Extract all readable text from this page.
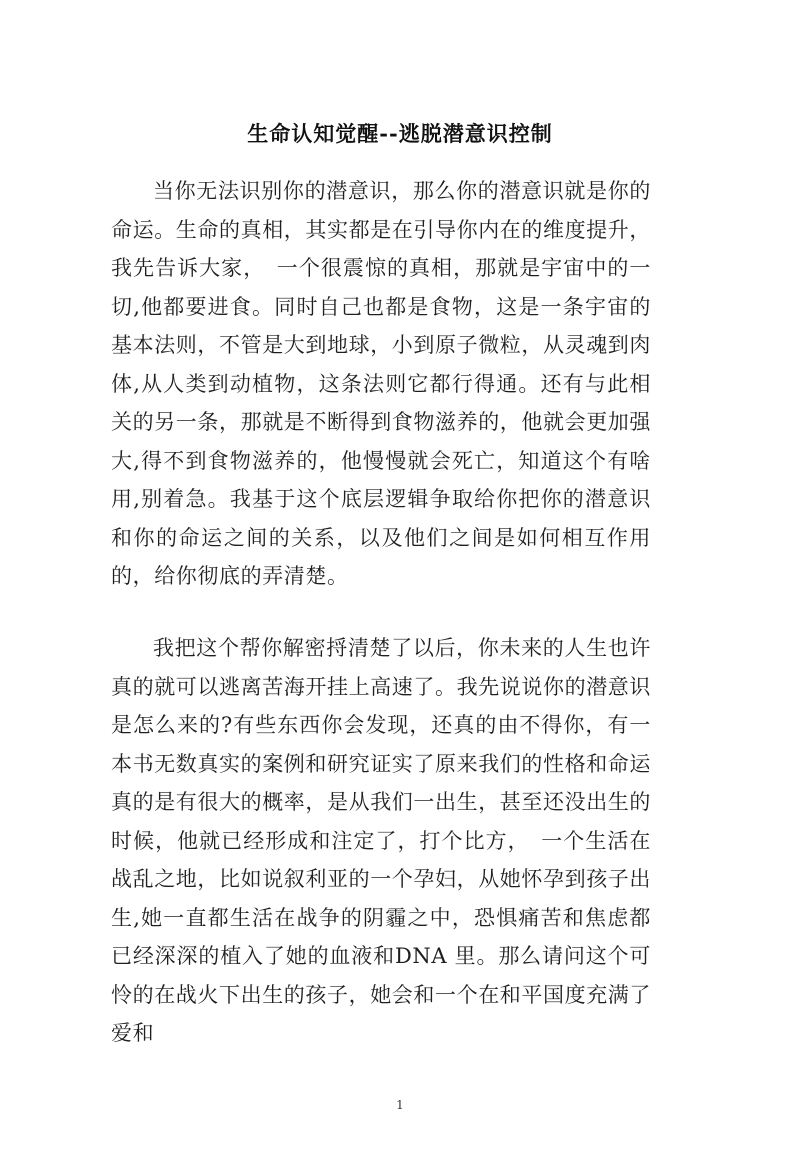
生命认知觉醒--逃脱潜意识控制

当你无法识别你的潜意识，那么你的潜意识就是你的命运。生命的真相，其实都是在引导你内在的维度提升，我先告诉大家，　一个很震惊的真相，那就是宇宙中的一切,他都要进食。同时自己也都是食物，这是一条宇宙的基本法则，不管是大到地球，小到原子微粒，从灵魂到肉体,从人类到动植物，这条法则它都行得通。还有与此相关的另一条，那就是不断得到食物滋养的，他就会更加强大,得不到食物滋养的，他慢慢就会死亡，知道这个有啥用,别着急。我基于这个底层逻辑争取给你把你的潜意识和你的命运之间的关系，以及他们之间是如何相互作用的，给你彻底的弄清楚。

我把这个帮你解密捋清楚了以后，你未来的人生也许真的就可以逃离苦海开挂上高速了。我先说说你的潜意识是怎么来的?有些东西你会发现，还真的由不得你，有一本书无数真实的案例和研究证实了原来我们的性格和命运真的是有很大的概率，是从我们一出生，甚至还没出生的时候，他就已经形成和注定了，打个比方，　一个生活在战乱之地，比如说叙利亚的一个孕妇，从她怀孕到孩子出生,她一直都生活在战争的阴霾之中，恐惧痛苦和焦虑都已经深深的植入了她的血液和DNA 里。那么请问这个可怜的在战火下出生的孩子，她会和一个在和平国度充满了爱和

1
